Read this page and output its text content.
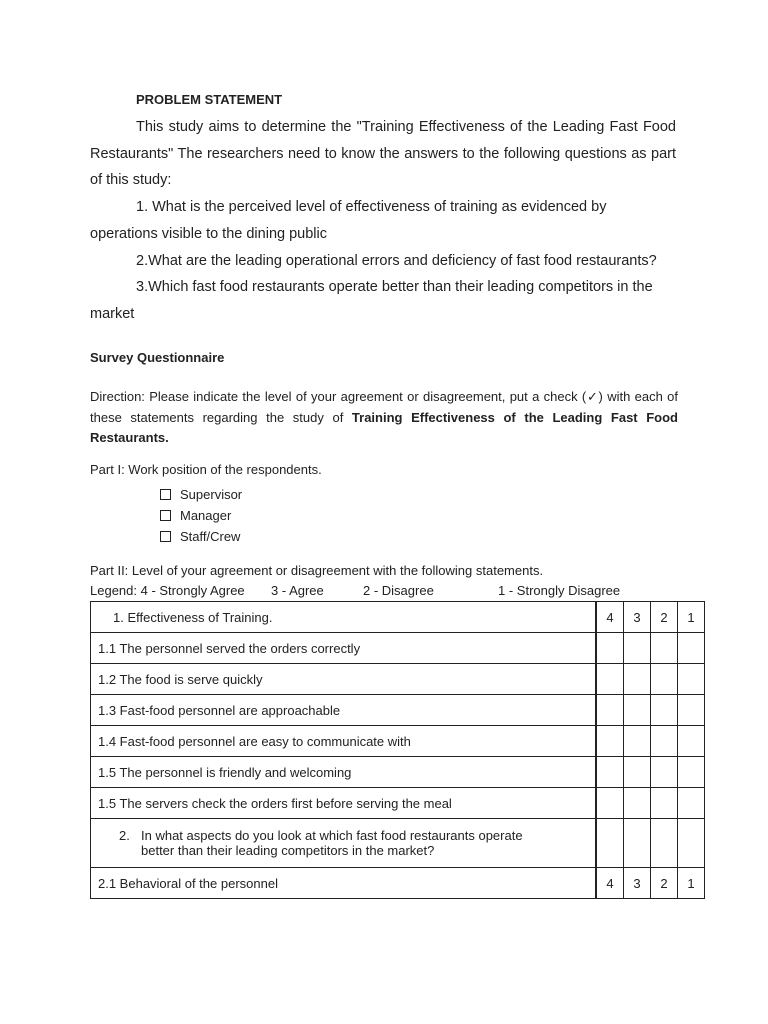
PROBLEM STATEMENT

This study aims to determine the "Training Effectiveness of the Leading Fast Food Restaurants" The researchers need to know the answers to the following questions as part of this study:

1. What is the perceived level of effectiveness of training as evidenced by operations visible to the dining public

2.What are the leading operational errors and deficiency of fast food restaurants?

3.Which fast food restaurants operate better than their leading competitors in the market

Survey Questionnaire
Direction: Please indicate the level of your agreement or disagreement, put a check (✓) with each of these statements regarding the study of Training Effectiveness of the Leading Fast Food Restaurants.
Part I: Work position of the respondents.
Supervisor
Manager
Staff/Crew
Part II: Level of your agreement or disagreement with the following statements.
Legend: 4 - Strongly Agree 3 - Agree	2 - Disagree	1 - Strongly Disagree
1. Effectiveness of Training.	4	3	2	1
1.1 The personnel served the orders correctly				
1.2 The food is serve quickly				
1.3 Fast-food personnel are approachable				
1.4 Fast-food personnel are easy to communicate with				
1.5 The personnel is friendly and welcoming				
1.5 The servers check the orders first before serving the meal				

2. In what aspects do you look at which fast food restaurants operate
better than their leading competitors in the market?				

2.1 Behavioral of the personnel	4	3	2	1
